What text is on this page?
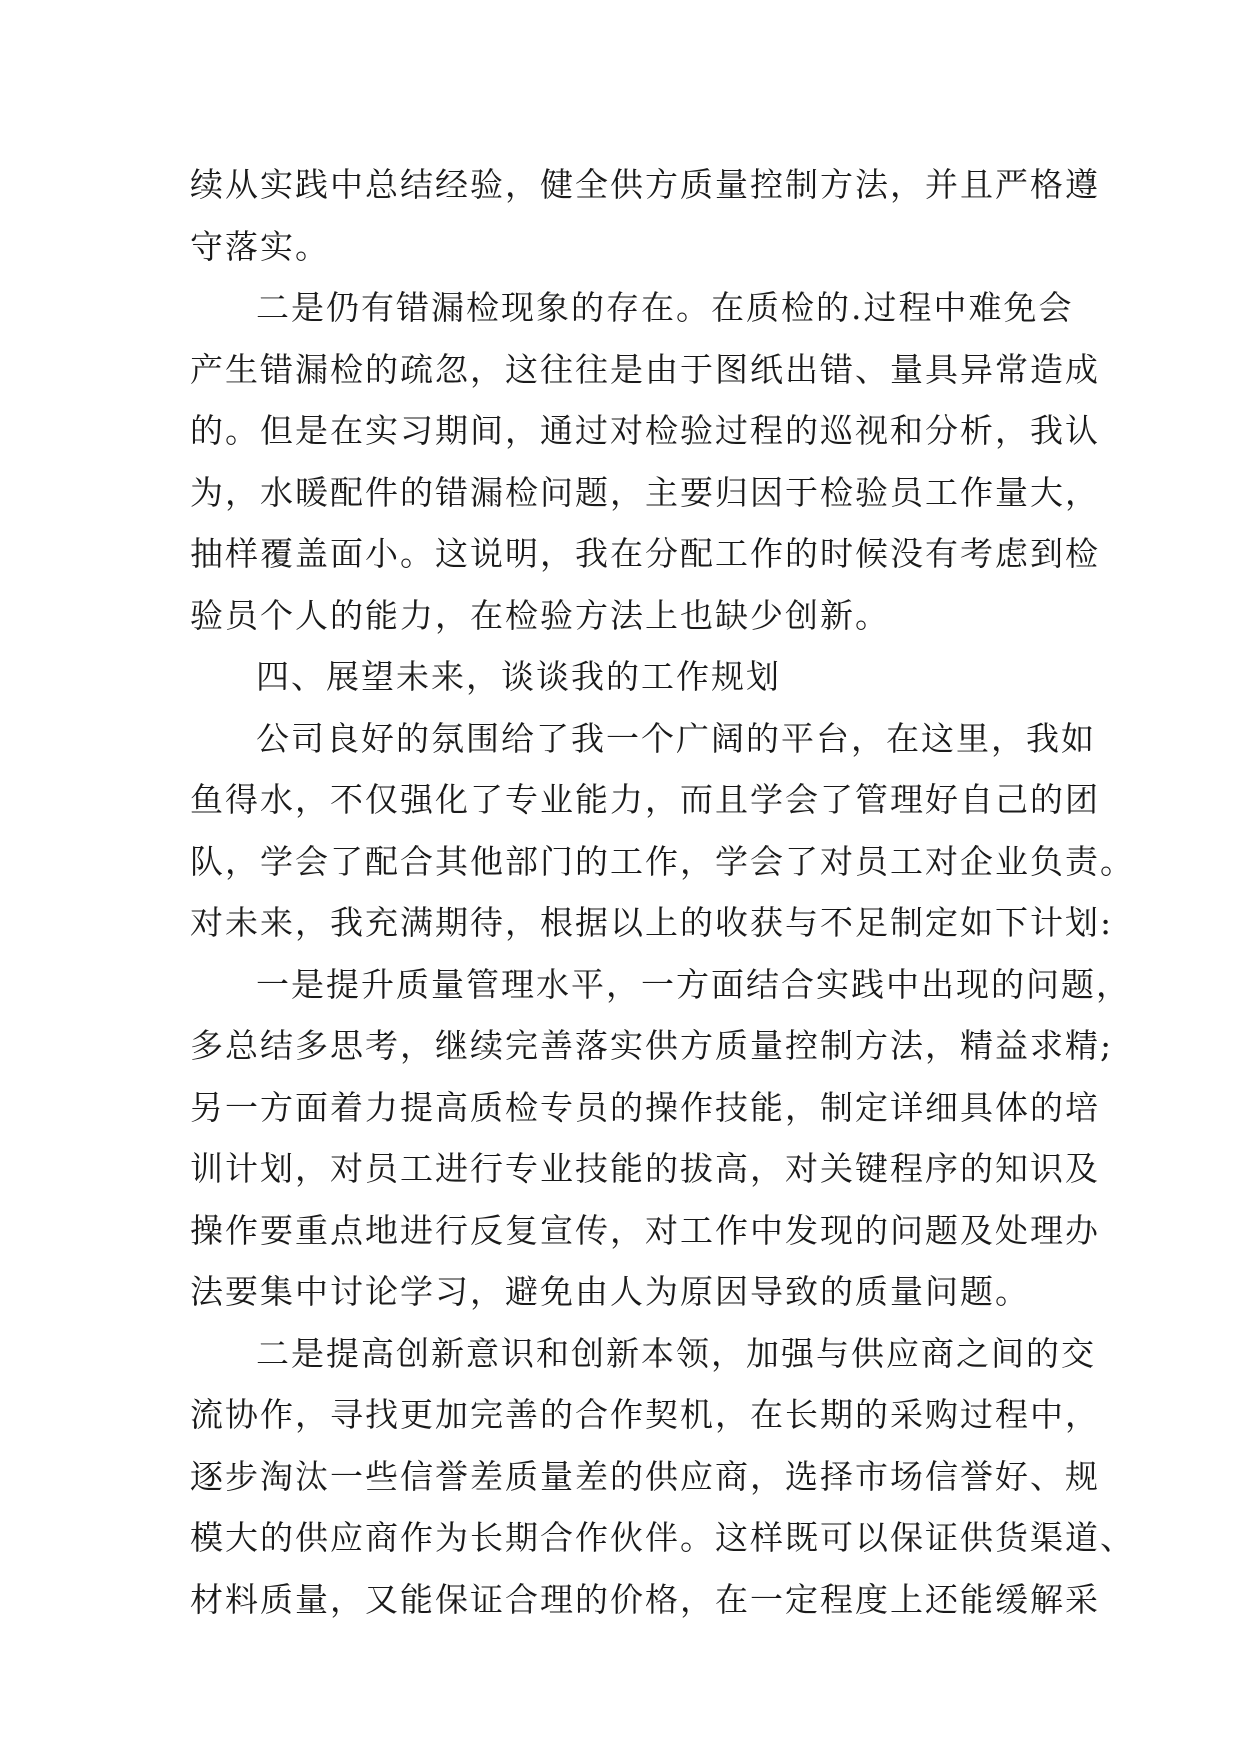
续从实践中总结经验，健全供方质量控制方法，并且严格遵
守落实。
二是仍有错漏检现象的存在。在质检的.过程中难免会
产生错漏检的疏忽，这往往是由于图纸出错、量具异常造成
的。但是在实习期间，通过对检验过程的巡视和分析，我认
为，水暖配件的错漏检问题，主要归因于检验员工作量大，
抽样覆盖面小。这说明，我在分配工作的时候没有考虑到检
验员个人的能力，在检验方法上也缺少创新。
四、展望未来，谈谈我的工作规划
公司良好的氛围给了我一个广阔的平台，在这里，我如
鱼得水，不仅强化了专业能力，而且学会了管理好自己的团
队，学会了配合其他部门的工作，学会了对员工对企业负责。
对未来，我充满期待，根据以上的收获与不足制定如下计划:
一是提升质量管理水平，一方面结合实践中出现的问题，
多总结多思考，继续完善落实供方质量控制方法，精益求精;
另一方面着力提高质检专员的操作技能，制定详细具体的培
训计划，对员工进行专业技能的拔高，对关键程序的知识及
操作要重点地进行反复宣传，对工作中发现的问题及处理办
法要集中讨论学习，避免由人为原因导致的质量问题。
二是提高创新意识和创新本领，加强与供应商之间的交
流协作，寻找更加完善的合作契机，在长期的采购过程中，
逐步淘汰一些信誉差质量差的供应商，选择市场信誉好、规
模大的供应商作为长期合作伙伴。这样既可以保证供货渠道、
材料质量，又能保证合理的价格，在一定程度上还能缓解采
